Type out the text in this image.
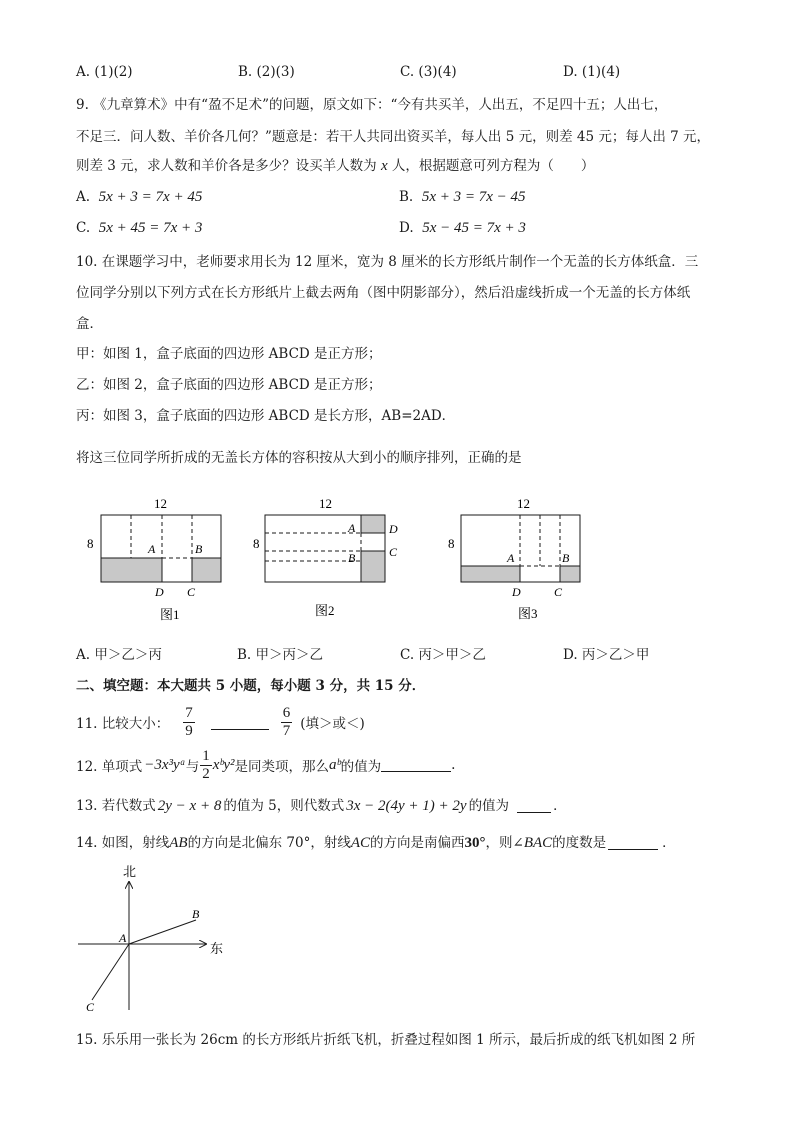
A. (1)(2)	B. (2)(3)	C. (3)(4)	D. (1)(4)
9. 《九章算术》中有“盈不足术”的问题，原文如下：“今有共买羊，人出五，不足四十五；人出七，
不足三．问人数、羊价各几何？”题意是：若干人共同出资买羊，每人出 5 元，则差 45 元；每人出 7 元，
则差 3 元，求人数和羊价各是多少？设买羊人数为 x 人，根据题意可列方程为（　　）
A. 5x + 3 = 7x + 45	B. 5x + 3 = 7x − 45
C. 5x + 45 = 7x + 3	D. 5x − 45 = 7x + 3
10. 在课题学习中，老师要求用长为 12 厘米，宽为 8 厘米的长方形纸片制作一个无盖的长方体纸盒．三
位同学分别以下列方式在长方形纸片上截去两角（图中阴影部分），然后沿虚线折成一个无盖的长方体纸
盒．
甲：如图 1，盒子底面的四边形 ABCD 是正方形；
乙：如图 2，盒子底面的四边形 ABCD 是正方形；
丙：如图 3，盒子底面的四边形 ABCD 是长方形，AB=2AD．
将这三位同学所折成的无盖长方体的容积按从大到小的顺序排列，正确的是
12
8	A	B
D C
图1
12
8
A
B
D
C
图2
12
8
A	B
D	C
图3
A. 甲＞乙＞丙	B. 甲＞丙＞乙	C. 丙＞甲＞乙	D. 丙＞乙＞甲
二、填空题：本大题共 5 小题，每小题 3 分，共 15 分．
11. 比较大小： $\frac{7}{9}$	$\frac{6}{7}$ (填＞或＜)
12. 单项式 −3x³yᵃ 与 $\frac{1}{2}$ xᵇy² 是同类项，那么 aᵇ 的值为	.
13. 若代数式 2y − x + 8 的值为 5，则代数式 3x − 2(4y + 1) + 2y 的值为	．
14. 如图，射线 AB 的方向是北偏东 70°，射线 AC 的方向是南偏西 30° ，则∠ BAC 的度数是	．
北
东
A
B
C
15. 乐乐用一张长为 26cm 的长方形纸片折纸飞机，折叠过程如图 1 所示，最后折成的纸飞机如图 2 所
